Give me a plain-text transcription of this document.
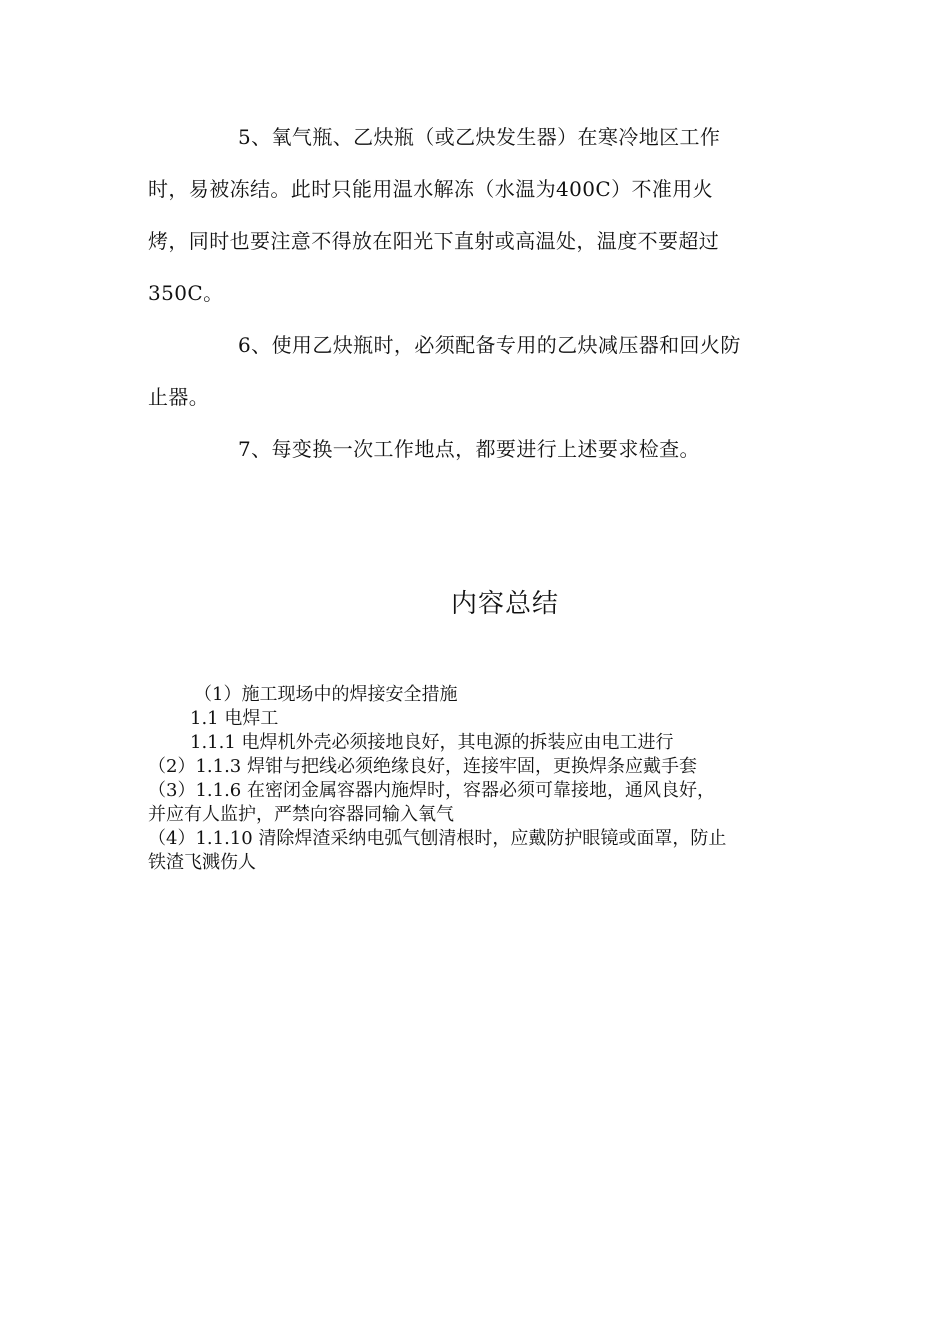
5、氧气瓶、乙炔瓶（或乙炔发生器）在寒冷地区工作
时，易被冻结。此时只能用温水解冻（水温为400C）不准用火
烤，同时也要注意不得放在阳光下直射或高温处，温度不要超过
350C。
6、使用乙炔瓶时，必须配备专用的乙炔减压器和回火防
止器。
7、每变换一次工作地点，都要进行上述要求检查。
内容总结

（1）施工现场中的焊接安全措施

1.1 电焊工

1.1.1 电焊机外壳必须接地良好，其电源的拆装应由电工进行

（2）1.1.3 焊钳与把线必须绝缘良好，连接牢固，更换焊条应戴手套

（3）1.1.6 在密闭金属容器内施焊时，容器必须可靠接地，通风良好，

并应有人监护，严禁向容器同输入氧气

（4）1.1.10 清除焊渣采纳电弧气刨清根时，应戴防护眼镜或面罩，防止

铁渣飞溅伤人
